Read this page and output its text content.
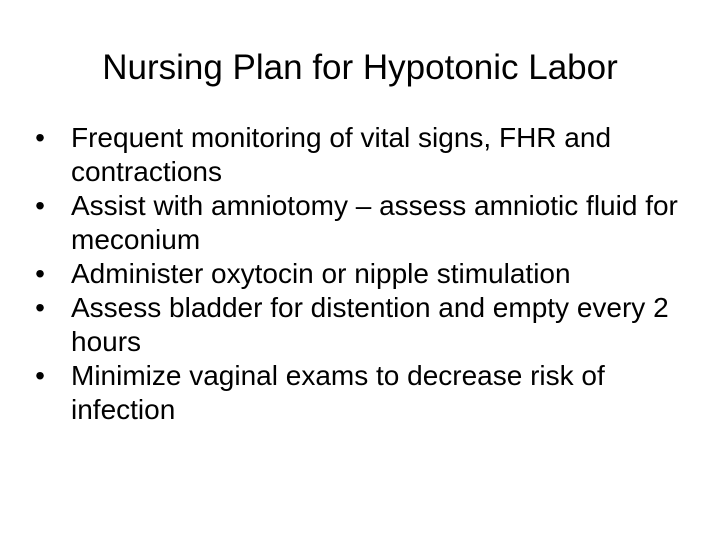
Nursing Plan for Hypotonic Labor
• Frequent monitoring of vital signs, FHR and contractions
• Assist with amniotomy – assess amniotic fluid for meconium
• Administer oxytocin or nipple stimulation
• Assess bladder for distention and empty every 2 hours
• Minimize vaginal exams to decrease risk of infection
